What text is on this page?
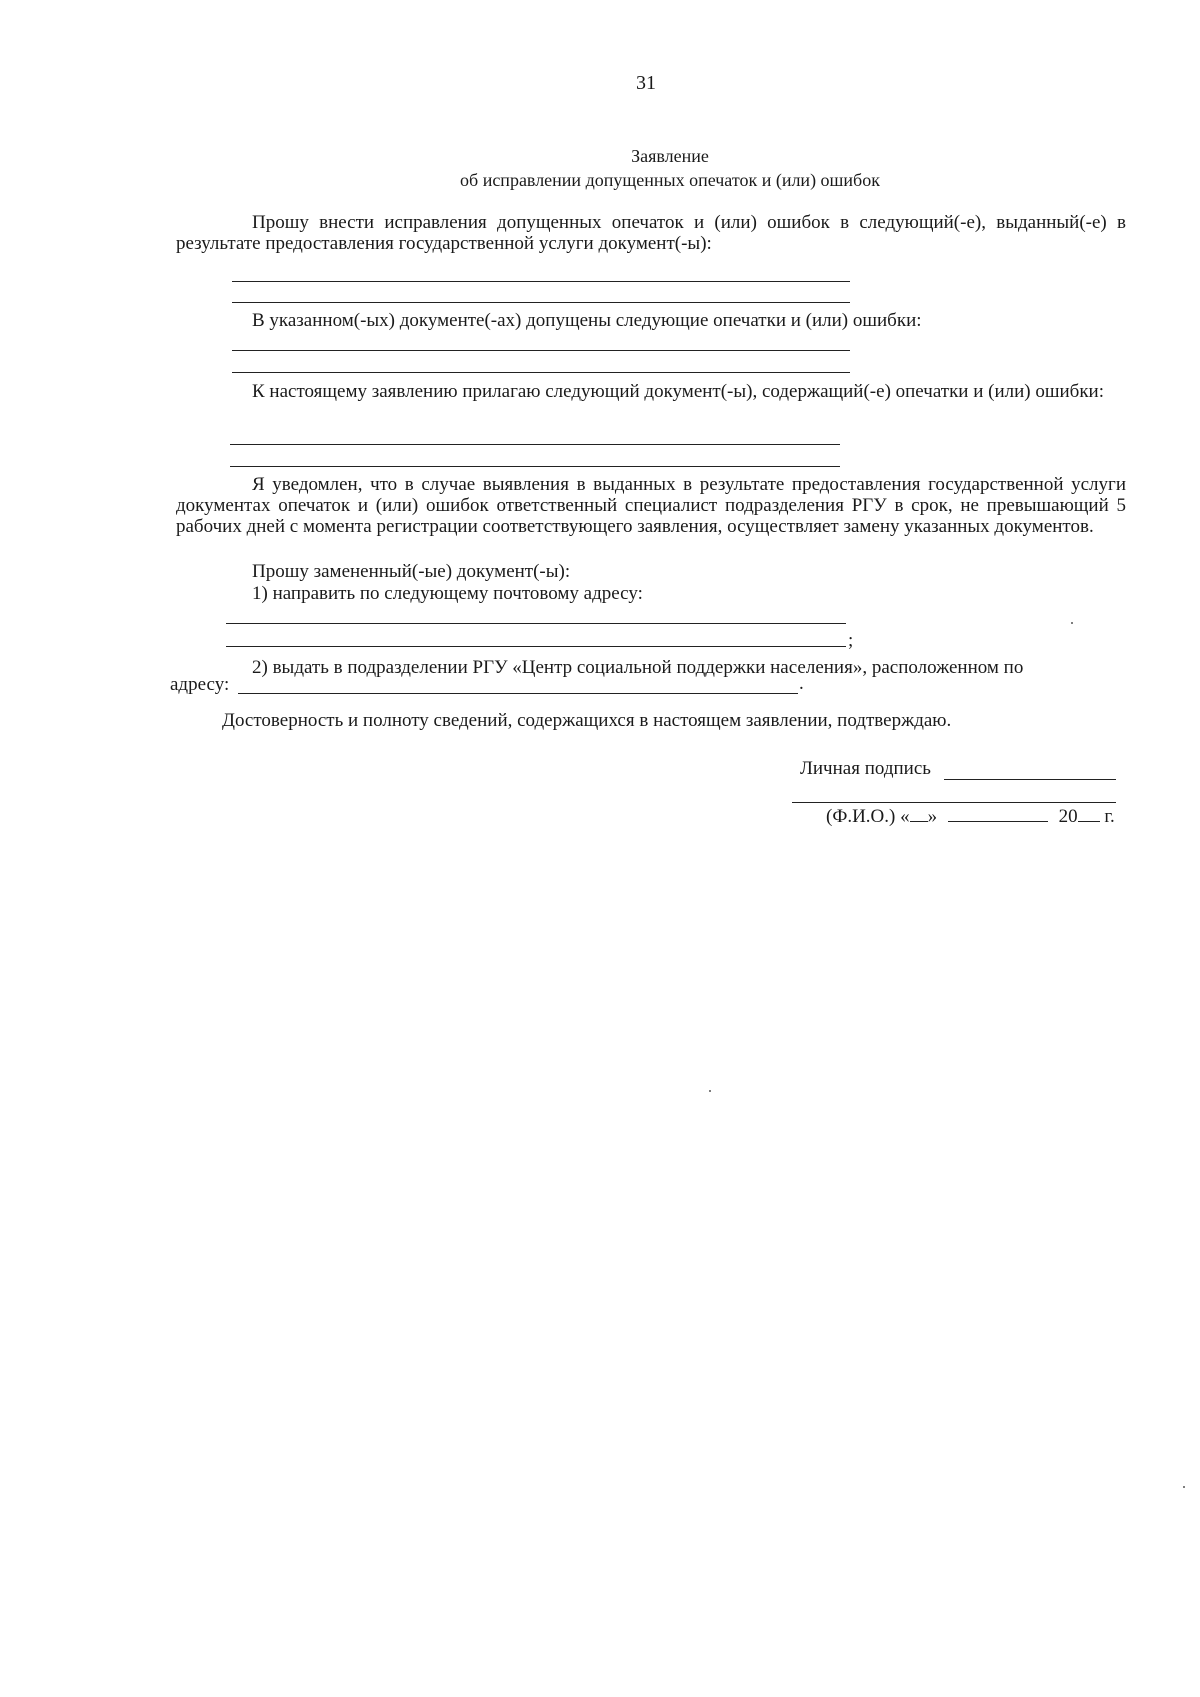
31
Заявление
об исправлении допущенных опечаток и (или) ошибок
Прошу внести исправления допущенных опечаток и (или) ошибок в следующий(-е), выданный(-е) в результате предоставления государственной услуги документ(-ы):
В указанном(-ых) документе(-ах) допущены следующие опечатки и (или) ошибки:
К настоящему заявлению прилагаю следующий документ(-ы), содержащий(-е) опечатки и (или) ошибки:
Я уведомлен, что в случае выявления в выданных в результате предоставления государственной услуги документах опечаток и (или) ошибок ответственный специалист подразделения РГУ в срок, не превышающий 5 рабочих дней с момента регистрации соответствующего заявления, осуществляет замену указанных документов.
Прошу замененный(-ые) документ(-ы):
1) направить по следующему почтовому адресу:
;
2) выдать в подразделении РГУ «Центр социальной поддержки населения», расположенном по
адресу:	.
Достоверность и полноту сведений, содержащихся в настоящем заявлении, подтверждаю.
Личная подпись
(Ф.И.О.) « »	20 г.
